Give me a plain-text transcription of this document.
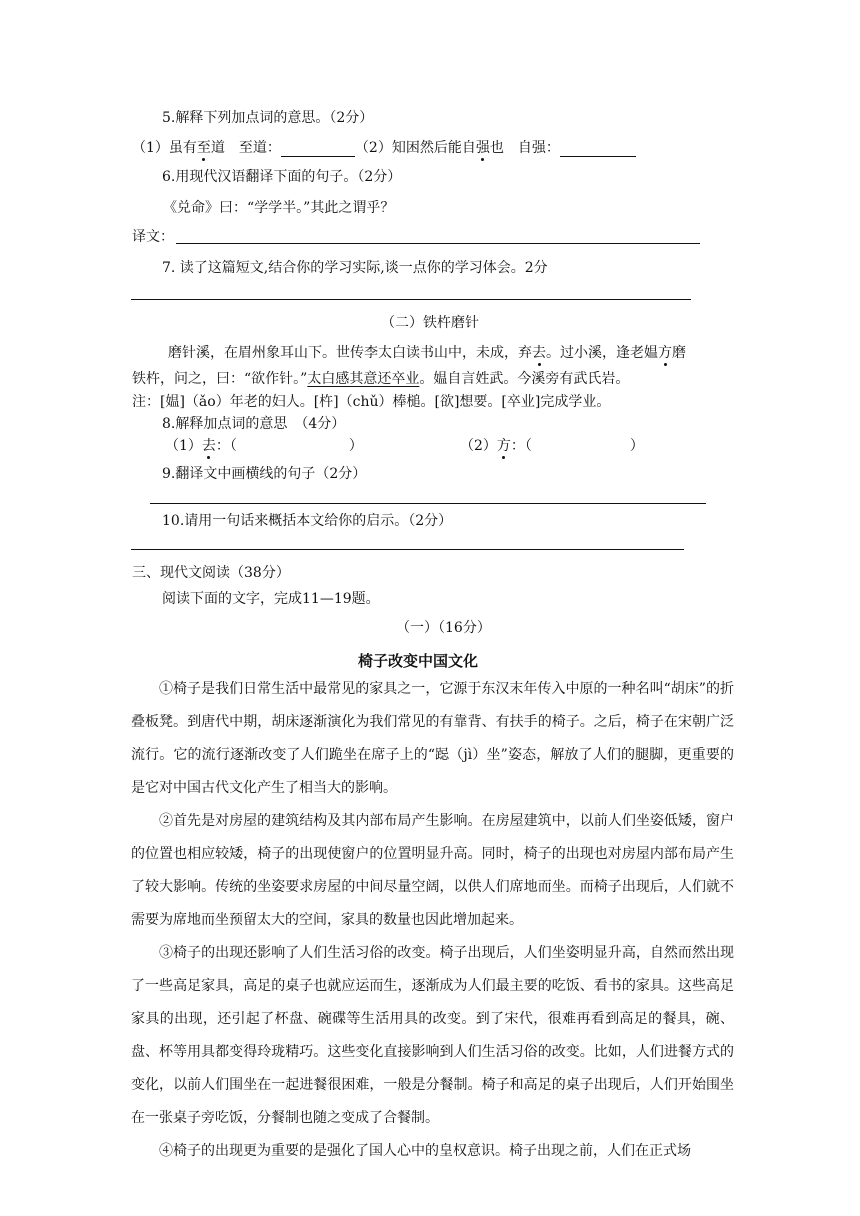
5.解释下列加点词的意思。（2分）
（1）虽有至道　至道：	（2）知困然后能自强也　自强：
6.用现代汉语翻译下面的句子。（2分）
《兑命》曰：“学学半。”其此之谓乎？
译文：
7. 读了这篇短文,结合你的学习实际,谈一点你的学习体会。2分
（二）铁杵磨针
磨针溪，在眉州象耳山下。世传李太白读书山中，未成，弃去。过小溪，逢老媪方磨
铁杵，问之，曰：“欲作针。”太白感其意还卒业。媪自言姓武。今溪旁有武氏岩。
注：[媪]（ǎo）年老的妇人。[杵]（chǔ）棒槌。[欲]想要。[卒业]完成学业。
8.解释加点词的意思　（4分）
（1）去：（　　　　　　　　）	（2）方：（　　　　　　　）
9.翻译文中画横线的句子（2分）
10.请用一句话来概括本文给你的启示。（2分）
三、现代文阅读（38分）
阅读下面的文字，完成11—19题。
（一）（16分）
椅子改变中国文化
①椅子是我们日常生活中最常见的家具之一，它源于东汉末年传入中原的一种名叫“胡床”的折叠板凳。到唐代中期，胡床逐渐演化为我们常见的有靠背、有扶手的椅子。之后，椅子在宋朝广泛流行。它的流行逐渐改变了人们跪坐在席子上的“跽（jì）坐”姿态，解放了人们的腿脚，更重要的是它对中国古代文化产生了相当大的影响。
②首先是对房屋的建筑结构及其内部布局产生影响。在房屋建筑中，以前人们坐姿低矮，窗户的位置也相应较矮，椅子的出现使窗户的位置明显升高。同时，椅子的出现也对房屋内部布局产生了较大影响。传统的坐姿要求房屋的中间尽量空阔，以供人们席地而坐。而椅子出现后，人们就不需要为席地而坐预留太大的空间，家具的数量也因此增加起来。
③椅子的出现还影响了人们生活习俗的改变。椅子出现后，人们坐姿明显升高，自然而然出现了一些高足家具，高足的桌子也就应运而生，逐渐成为人们最主要的吃饭、看书的家具。这些高足家具的出现，还引起了杯盘、碗碟等生活用具的改变。到了宋代，很难再看到高足的餐具，碗、盘、杯等用具都变得玲珑精巧。这些变化直接影响到人们生活习俗的改变。比如，人们进餐方式的变化，以前人们围坐在一起进餐很困难，一般是分餐制。椅子和高足的桌子出现后，人们开始围坐在一张桌子旁吃饭，分餐制也随之变成了合餐制。
④椅子的出现更为重要的是强化了国人心中的皇权意识。椅子出现之前，人们在正式场
